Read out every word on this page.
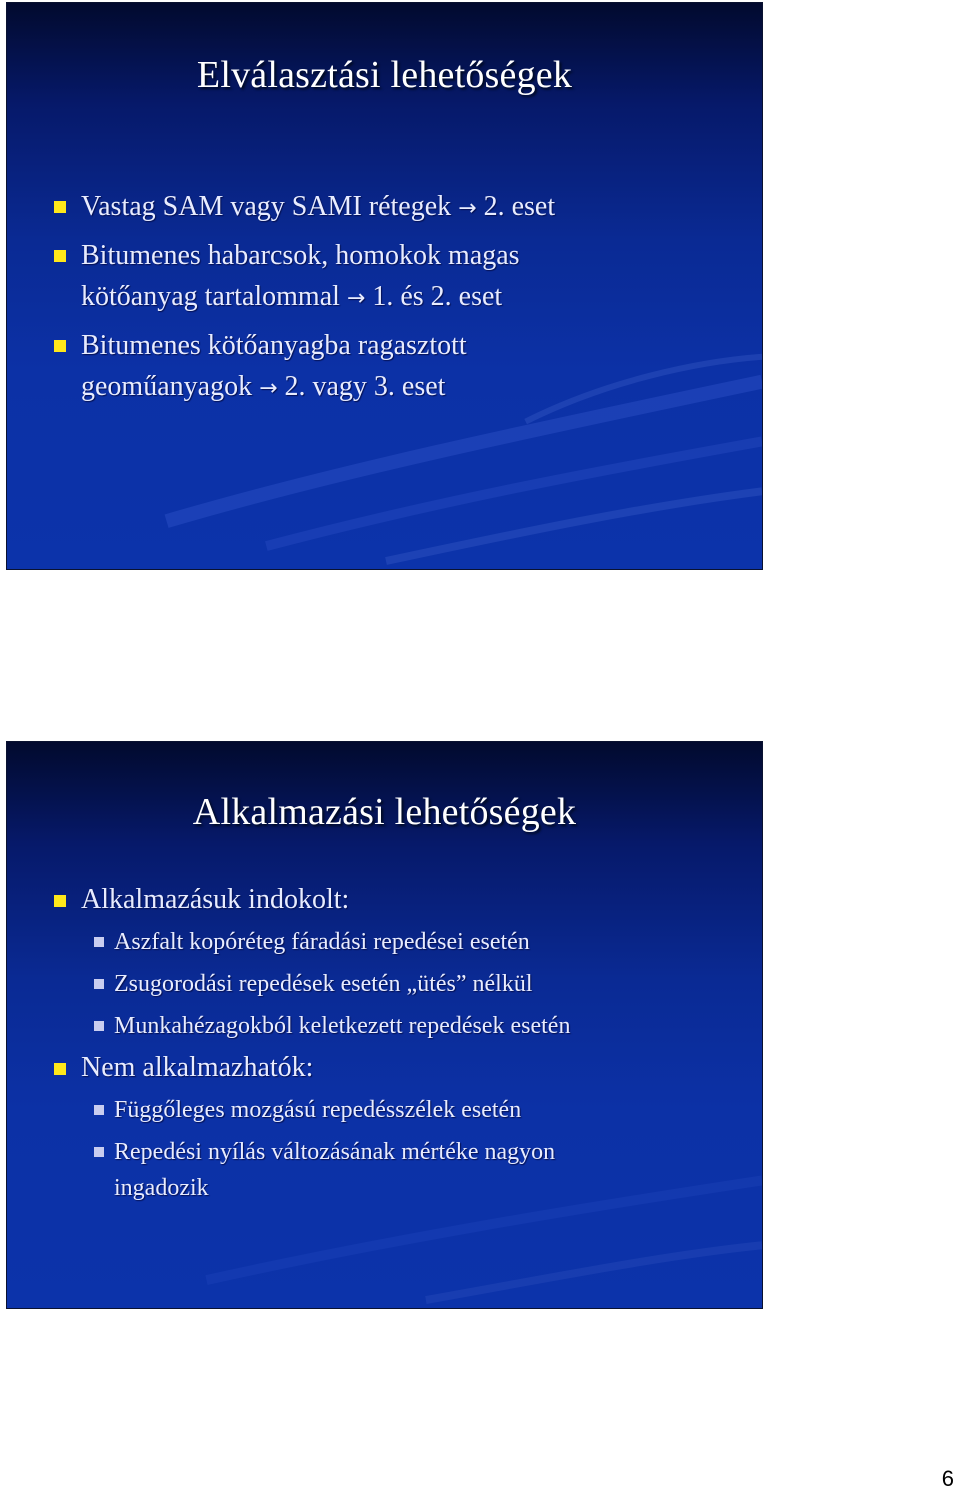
Elválasztási lehetőségek
Vastag SAM vagy SAMI rétegek → 2. eset
Bitumenes habarcsok, homokok magas
kötőanyag tartalommal → 1. és 2. eset
Bitumenes kötőanyagba ragasztott
geoműanyagok → 2. vagy 3. eset
Alkalmazási lehetőségek
Alkalmazásuk indokolt:
Aszfalt kopóréteg fáradási repedései esetén
Zsugorodási repedések esetén „ütés” nélkül
Munkahézagokból keletkezett repedések esetén
Nem alkalmazhatók:
Függőleges mozgású repedésszélek esetén
Repedési nyílás változásának mértéke nagyon ingadozik
6
